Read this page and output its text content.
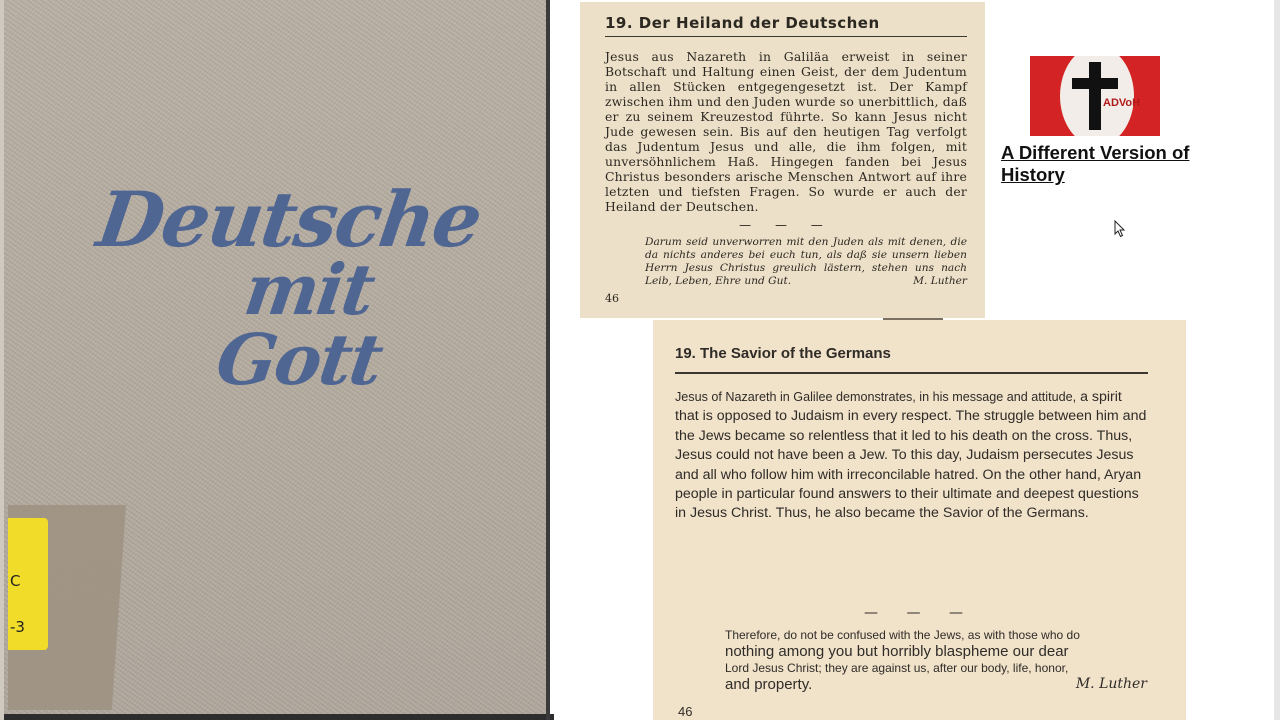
Deutsche

mit

Gott

C
-3
19. Der Heiland der Deutschen

Jesus aus Nazareth in Galiläa erweist in seiner Botschaft und Haltung einen Geist, der dem Judentum in allen Stücken entgegengesetzt ist. Der Kampf zwischen ihm und den Juden wurde so unerbittlich, daß er zu seinem Kreuzestod führte. So kann Jesus nicht Jude gewesen sein. Bis auf den heutigen Tag verfolgt das Judentum Jesus und alle, die ihm folgen, mit unversöhnlichem Haß. Hingegen fanden bei Jesus Christus besonders arische Menschen Antwort auf ihre letzten und tiefsten Fragen. So wurde er auch der Heiland der Deutschen.

— — —

Darum seid unverworren mit den Juden als mit denen, die da nichts anderes bei euch tun, als daß sie unsern lieben Herrn Jesus Christus greulich lästern, stehen uns nach Leib, Leben, Ehre und Gut.	M. Luther

46
19. The Savior of the Germans

Jesus of Nazareth in Galilee demonstrates, in his message and attitude, a spirit that is opposed to Judaism in every respect. The struggle between him and the Jews became so relentless that it led to his death on the cross. Thus, Jesus could not have been a Jew. To this day, Judaism persecutes Jesus and all who follow him with irreconcilable hatred. On the other hand, Aryan people in particular found answers to their ultimate and deepest questions in Jesus Christ. Thus, he also became the Savior of the Germans.

— — —

Therefore, do not be confused with the Jews, as with those who do
nothing among you but horribly blaspheme our dear
Lord Jesus Christ; they are against us, after our body, life, honor,
and property.	M. Luther
46
ADVoH
A Different Version of History
